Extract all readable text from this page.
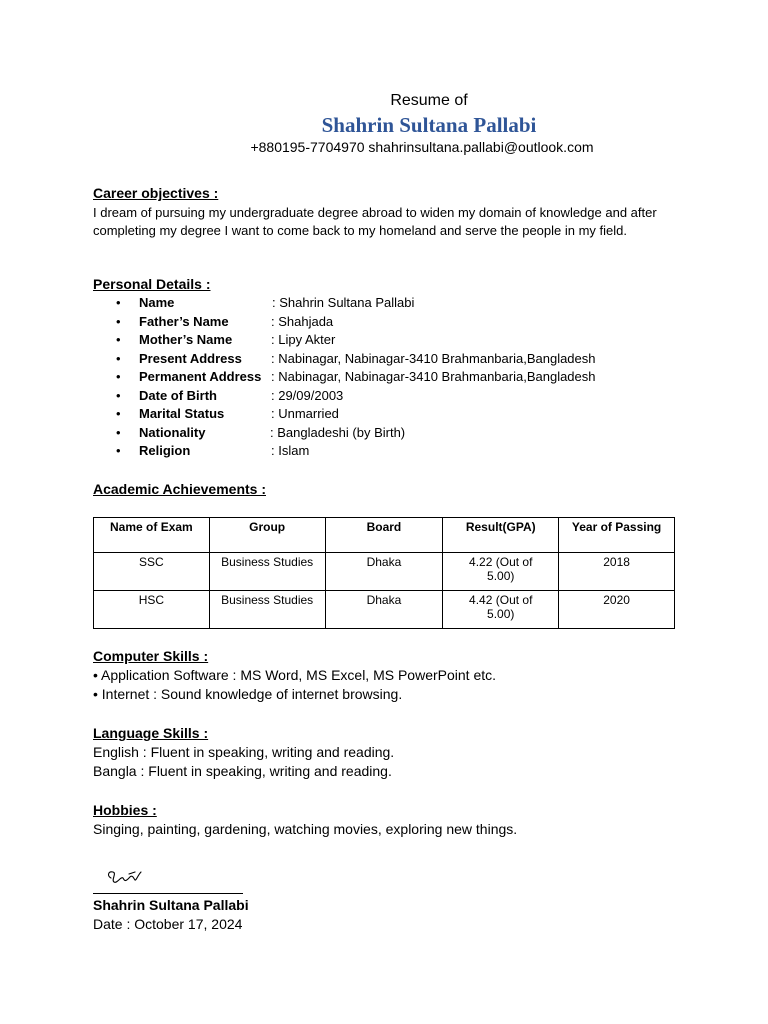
Resume of
Shahrin Sultana Pallabi
+880195-7704970 shahrinsultana.pallabi@outlook.com
Career objectives :
I dream of pursuing my undergraduate degree abroad to widen my domain of knowledge and after completing my degree I want to come back to my homeland and serve the people in my field.
Personal Details :
• Name	: Shahrin Sultana Pallabi
• Father’s Name	: Shahjada
• Mother’s Name	: Lipy Akter
• Present Address : Nabinagar, Nabinagar-3410 Brahmanbaria,Bangladesh
• Permanent Address : Nabinagar, Nabinagar-3410 Brahmanbaria,Bangladesh
• Date of Birth	: 29/09/2003
• Marital Status	: Unmarried
• Nationality	: Bangladeshi (by Birth)
• Religion	: Islam
Academic Achievements :
Name of Exam	Group	Board	Result(GPA)	Year of Passing
SSC	Business Studies	Dhaka	4.22 (Out of 5.00)	2018
HSC	Business Studies	Dhaka	4.42 (Out of 5.00)	2020
Computer Skills :
• Application Software : MS Word, MS Excel, MS PowerPoint etc.
• Internet : Sound knowledge of internet browsing.
Language Skills :
English : Fluent in speaking, writing and reading.
Bangla : Fluent in speaking, writing and reading.
Hobbies :
Singing, painting, gardening, watching movies, exploring new things.
Shahrin Sultana Pallabi
Date : October 17, 2024
